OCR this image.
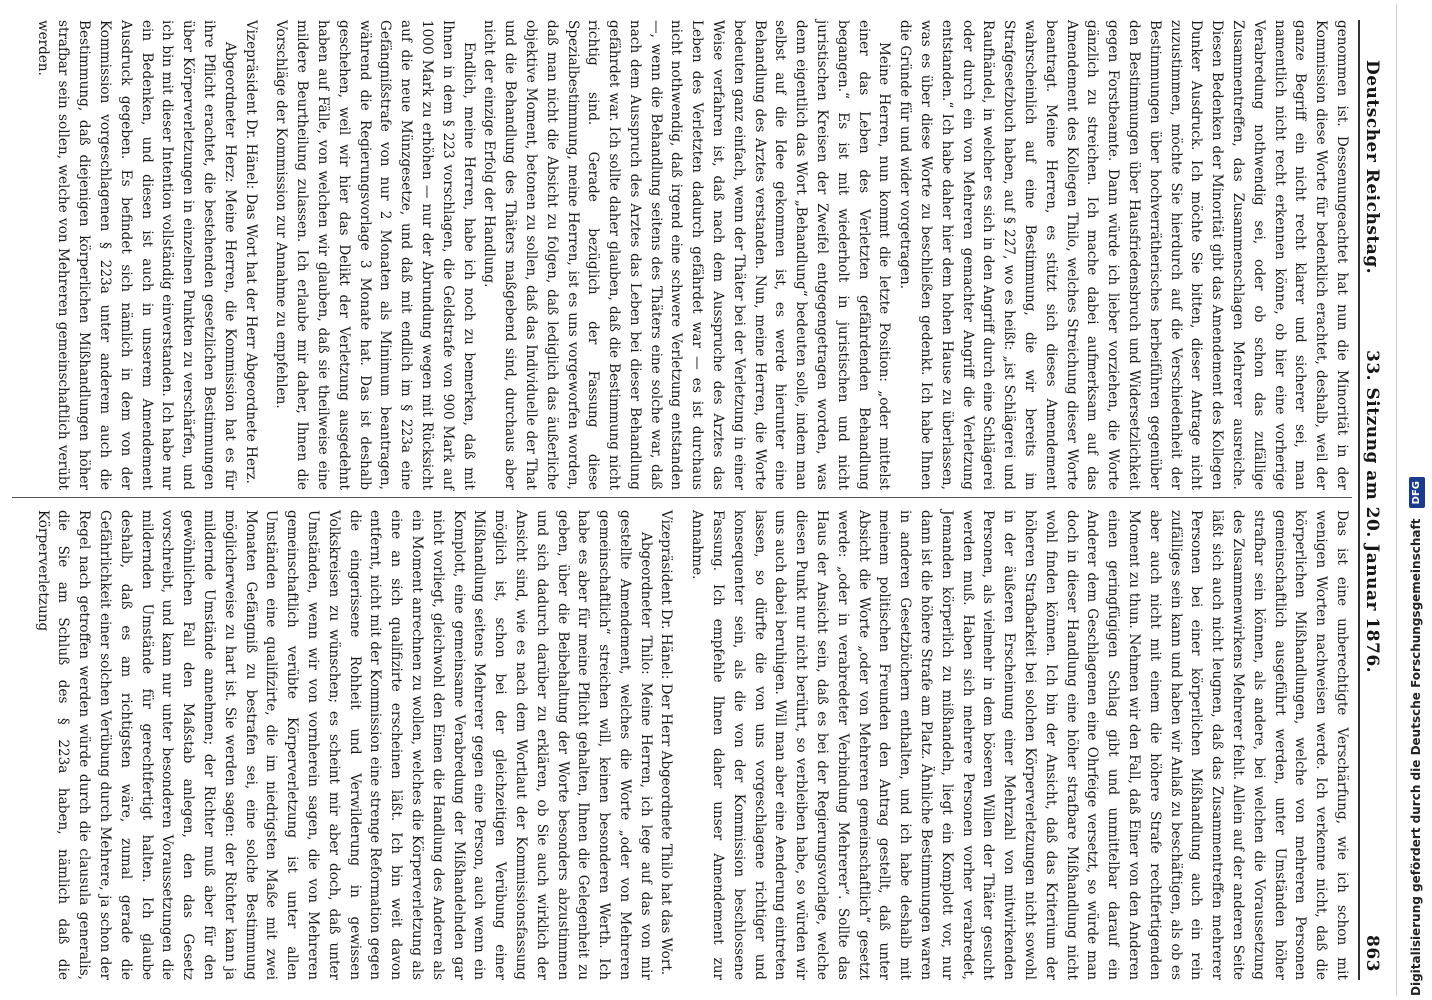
Deutscher Reichstag.
33. Sitzung am 20. Januar 1876.
863

genommen ist. Dessenungeachtet hat nun die Minorität in der Kommission diese Worte für bedenklich erachtet, deshalb, weil der ganze Begriff ein nicht recht klarer und sicherer sei, man namentlich nicht recht erkennen könne, ob hier eine vorherige Verabredung nothwendig sei, oder ob schon das zufällige Zusammentreffen, das Zusammenschlagen Mehrerer ausreiche. Diesen Bedenken der Minorität gibt das Amendement des Kollegen Dunker Ausdruck. Ich möchte Sie bitten, dieser Antrage nicht zuzustimmen, möchte Sie hierdurch auf die Verschiedenheit der Bestimmungen über hochverrätherisches herbeiführen gegenüber den Bestimmungen über Hausfriedensbruch und Widersetzlichkeit gegen Forstbeamte. Dann würde ich lieber vorziehen, die Worte gänzlich zu streichen. Ich mache dabei aufmerksam auf das Amendement des Kollegen Thilo, welches Streichung dieser Worte beantragt. Meine Herren, es stützt sich dieses Amendement wahrscheinlich auf eine Bestimmung, die wir bereits im Strafgesetzbuch haben, auf § 227, wo es heißt: „ist Schlägerei und Raufhändel, in welcher es sich in den Angriff durch eine Schlägerei oder durch ein von Mehreren gemachter Angriff die Verletzung entstanden.“ Ich habe daher hier dem hohen Hause zu überlassen, was es über diese Worte zu beschließen gedenkt. Ich habe Ihnen die Gründe für und wider vorgetragen.

Meine Herren, nun kommt die letzte Position: „oder mittelst einer das Leben des Verletzten gefährdenden Behandlung begangen.“ Es ist mit wiederholt in juristischen und nicht juristischen Kreisen der Zweifel entgegengetragen worden, was denn eigentlich das Wort „Behandlung“ bedeuten solle, indem man selbst auf die Idee gekommen ist, es werde hierunter eine Behandlung des Arztes verstanden. Nun, meine Herren, die Worte bedeuten ganz einfach, wenn der Thäter bei der Verletzung in einer Weise verfahren ist, daß nach dem Ausspruche des Arztes das Leben des Verletzten dadurch gefährdet war — es ist durchaus nicht nothwendig, daß irgend eine schwere Verletzung entstanden —, wenn die Behandlung seitens des Thäters eine solche war, daß nach dem Ausspruch des Arztes das Leben bei dieser Behandlung gefährdet war. Ich sollte daher glauben, daß die Bestimmung nicht richtig sind. Gerade bezüglich der Fassung diese Spezialbestimmung, meine Herren, ist es uns vorgeworfen worden, daß man nicht die Absicht zu folgen, daß lediglich das äußerliche objektive Moment, betonen zu sollen, daß das Individuelle der That und die Behandlung des Thäters maßgebend sind, durchaus aber nicht der einzige Erfolg der Handlung.

Endlich, meine Herren, habe ich noch zu bemerken, daß mit Ihnen in dem § 223 vorschlagen, die Geldstrafe von 900 Mark auf 1000 Mark zu erhöhen — nur der Abrundung wegen mit Rücksicht auf die neue Münzgesetze, und daß mit endlich im § 223a eine Gefängnißstrafe von nur 2 Monaten als Minimum beantragen, während die Regierungsvorlage 3 Monate hat. Das ist deshalb geschehen, weil wir hier das Delikt der Verletzung ausgedehnt haben auf Fälle, von welchen wir glauben, daß sie theilweise eine mildere Beurtheilung zulassen. Ich erlaube mir daher, Ihnen die Vorschläge der Kommission zur Annahme zu empfehlen.

Vizepräsident Dr. Hänel: Das Wort hat der Herr Abgeordnete Herz.

Abgeordneter Herz: Meine Herren, die Kommission hat es für ihre Pflicht erachtet, die bestehenden gesetzlichen Bestimmungen über Körperverletzungen in einzelnen Punkten zu verschärfen, und ich bin mit dieser Intention vollständig einverstanden. Ich habe nur ein Bedenken, und diesen ist auch in unserem Amendement Ausdruck gegeben. Es befindet sich nämlich in dem von der Kommission vorgeschlagenen § 223a unter anderem auch die Bestimmung, daß diejenigen körperlichen Mißhandlungen höher strafbar sein sollen, welche von Mehreren gemeinschaftlich verübt werden.

Das ist eine unberechtigte Verschärfung, wie ich schon mit wenigen Worten nachweisen werde. Ich verkenne nicht, daß die körperlichen Mißhandlungen, welche von mehreren Personen gemeinschaftlich ausgeführt werden, unter Umständen höher strafbar sein können, als andere, bei welchen die Voraussetzung des Zusammenwirkens Mehrerer fehlt. Allein auf der anderen Seite läßt sich auch nicht leugnen, daß das Zusammentreffen mehrerer Personen bei einer körperlichen Mißhandlung auch ein rein zufälliges sein kann und haben wir Anlaß zu beschäftigen, als ob es aber auch nicht mit einem die höhere Strafe rechtfertigenden Moment zu thun. Nehmen wir den Fall, daß Einer von den Anderen einen geringfügigen Schlag gibt und unmittelbar darauf ein Anderer dem Geschlagenen eine Ohrfeige versetzt, so würde man doch in dieser Handlung eine höher strafbare Mißhandlung nicht wohl finden können. Ich bin der Ansicht, daß das Kriterium der höheren Strafbarkeit bei solchen Körperverletzungen nicht sowohl in der äußeren Erscheinung einer Mehrzahl von mitwirkenden Personen, als vielmehr in dem böseren Willen der Thäter gesucht werden muß. Haben sich mehrere Personen vorher verabredet, Jemanden körperlich zu mißhandeln, liegt ein Komplott vor, nur dann ist die höhere Strafe am Platz. Ähnliche Bestimmungen waren in anderen Gesetzbüchern enthalten, und ich habe deshalb mit meinem politischen Freunden den Antrag gestellt, daß unter Absicht die Worte „oder von Mehreren gemeinschaftlich“ gesetzt werde: „oder in verabredeter Verbindung Mehrerer“. Sollte das Haus der Ansicht sein, daß es bei der Regierungsvorlage, welche diesen Punkt nur nicht berührt, so verbleiben habe, so würden wir uns auch dabei beruhigen. Will man aber eine Aenderung eintreten lassen, so dürfte die von uns vorgeschlagene richtiger und konsequenter sein, als die von der Kommission beschlossene Fassung. Ich empfehle Ihnen daher unser Amendement zur Annahme.

Vizepräsident Dr. Hänel: Der Herr Abgeordnete Thilo hat das Wort.

Abgeordneter Thilo: Meine Herren, ich lege auf das von mir gestellte Amendement, welches die Worte „oder von Mehreren gemeinschaftlich“ streichen will, keinen besonderen Werth. Ich habe es aber für meine Pflicht gehalten, Ihnen die Gelegenheit zu geben, über die Beibehaltung der Worte besonders abzustimmen und sich dadurch darüber zu erklären, ob Sie auch wirklich der Ansicht sind, wie es nach dem Wortlaut der Kommissionsfassung möglich ist, schon bei der gleichzeitigen Verübung einer Mißhandlung seitens Mehrerer gegen eine Person, auch wenn ein Komplott, eine gemeinsame Verabredung der Mißhandelnden gar nicht vorliegt, gleichwohl den Einen die Handlung des Anderen als ein Moment anrechnen zu wollen, welches die Körperverletzung als eine an sich qualifizirte erscheinen läßt. Ich bin weit davon entfernt, nicht mit der Kommission eine strenge Reformation gegen die eingerissene Rohheit und Verwilderung in gewissen Volkskreisen zu wünschen; es scheint mir aber doch, daß unter Umständen, wenn wir von vornherein sagen, die von Mehreren gemeinschaftlich verübte Körperverletzung ist unter allen Umständen eine qualifizirte, die im niedrigsten Maße mit zwei Monaten Gefängniß zu bestrafen sei, eine solche Bestimmung möglicherweise zu hart ist. Sie werden sagen: der Richter kann ja mildernde Umstände annehmen; der Richter muß aber für den gewöhnlichen Fall den Maßstab anlegen, den das Gesetz vorschreibt, und kann nur unter besonderen Voraussetzungen die mildernden Umstände für gerechtfertigt halten. Ich glaube deshalb, daß es am richtigsten wäre, zumal gerade die Gefährlichkeit einer solchen Verübung durch Mehrere, ja schon der Regel nach getroffen werden würde durch die clausula generalis, die Sie am Schluß des § 223a haben, nämlich daß die Körperverletzung	Digitalisierung gefördert durch die Deutsche Forschungsgemeinschaft DFG
